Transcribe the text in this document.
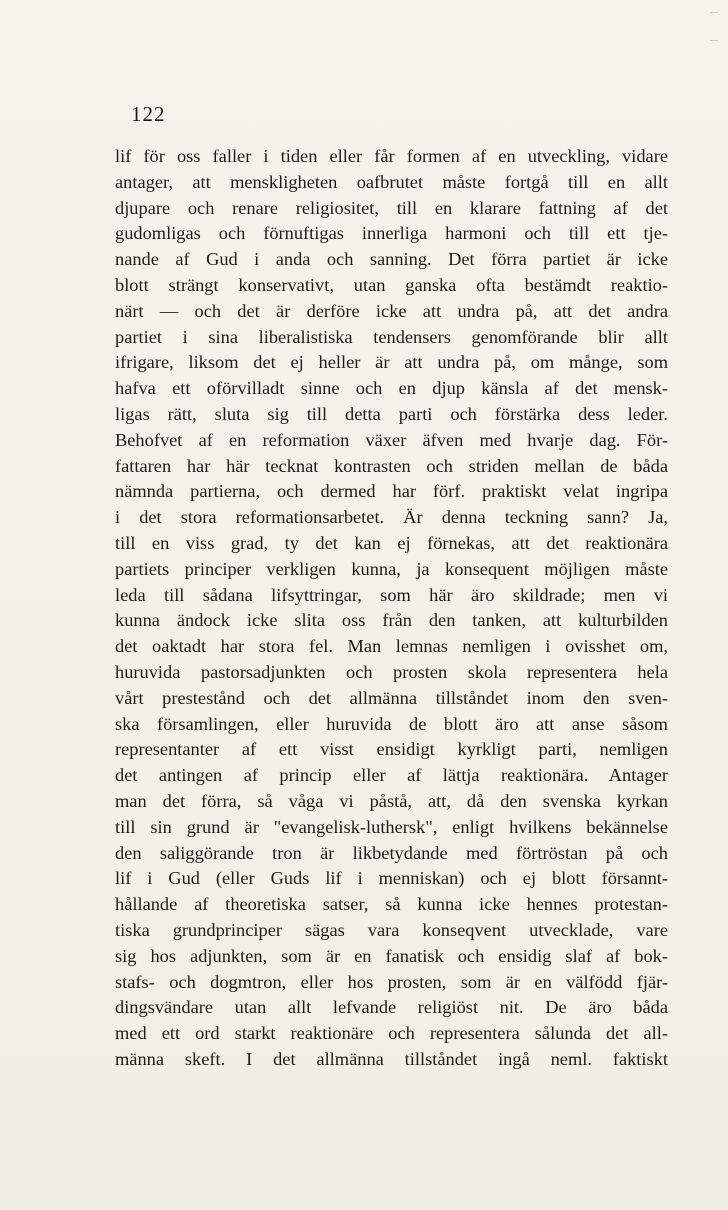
122
lif för oss faller i tiden eller får formen af en utveckling, vidare
antager, att menskligheten oafbrutet måste fortgå till en allt
djupare och renare religiositet, till en klarare fattning af det
gudomligas och förnuftigas innerliga harmoni och till ett tje-
nande af Gud i anda och sanning. Det förra partiet är icke
blott strängt konservativt, utan ganska ofta bestämdt reaktio-
närt — och det är derföre icke att undra på, att det andra
partiet i sina liberalistiska tendensers genomförande blir allt
ifrigare, liksom det ej heller är att undra på, om månge, som
hafva ett oförvilladt sinne och en djup känsla af det mensk-
ligas rätt, sluta sig till detta parti och förstärka dess leder.
Behofvet af en reformation växer äfven med hvarje dag. För-
fattaren har här tecknat kontrasten och striden mellan de båda
nämnda partierna, och dermed har förf. praktiskt velat ingripa
i det stora reformationsarbetet. Är denna teckning sann? Ja,
till en viss grad, ty det kan ej förnekas, att det reaktionära
partiets principer verkligen kunna, ja konsequent möjligen måste
leda till sådana lifsyttringar, som här äro skildrade; men vi
kunna ändock icke slita oss från den tanken, att kulturbilden
det oaktadt har stora fel. Man lemnas nemligen i ovisshet om,
huruvida pastorsadjunkten och prosten skola representera hela
vårt prestestånd och det allmänna tillståndet inom den sven-
ska församlingen, eller huruvida de blott äro att anse såsom
representanter af ett visst ensidigt kyrkligt parti, nemligen
det antingen af princip eller af lättja reaktionära. Antager
man det förra, så våga vi påstå, att, då den svenska kyrkan
till sin grund är "evangelisk-luthersk", enligt hvilkens bekännelse
den saliggörande tron är likbetydande med förtröstan på och
lif i Gud (eller Guds lif i menniskan) och ej blott försannt-
hållande af theoretiska satser, så kunna icke hennes protestan-
tiska grundprinciper sägas vara konseqvent utvecklade, vare
sig hos adjunkten, som är en fanatisk och ensidig slaf af bok-
stafs- och dogmtron, eller hos prosten, som är en välfödd fjär-
dingsvändare utan allt lefvande religiöst nit. De äro båda
med ett ord starkt reaktionäre och representera sålunda det all-
männa skeft. I det allmänna tillståndet ingå neml. faktiskt
